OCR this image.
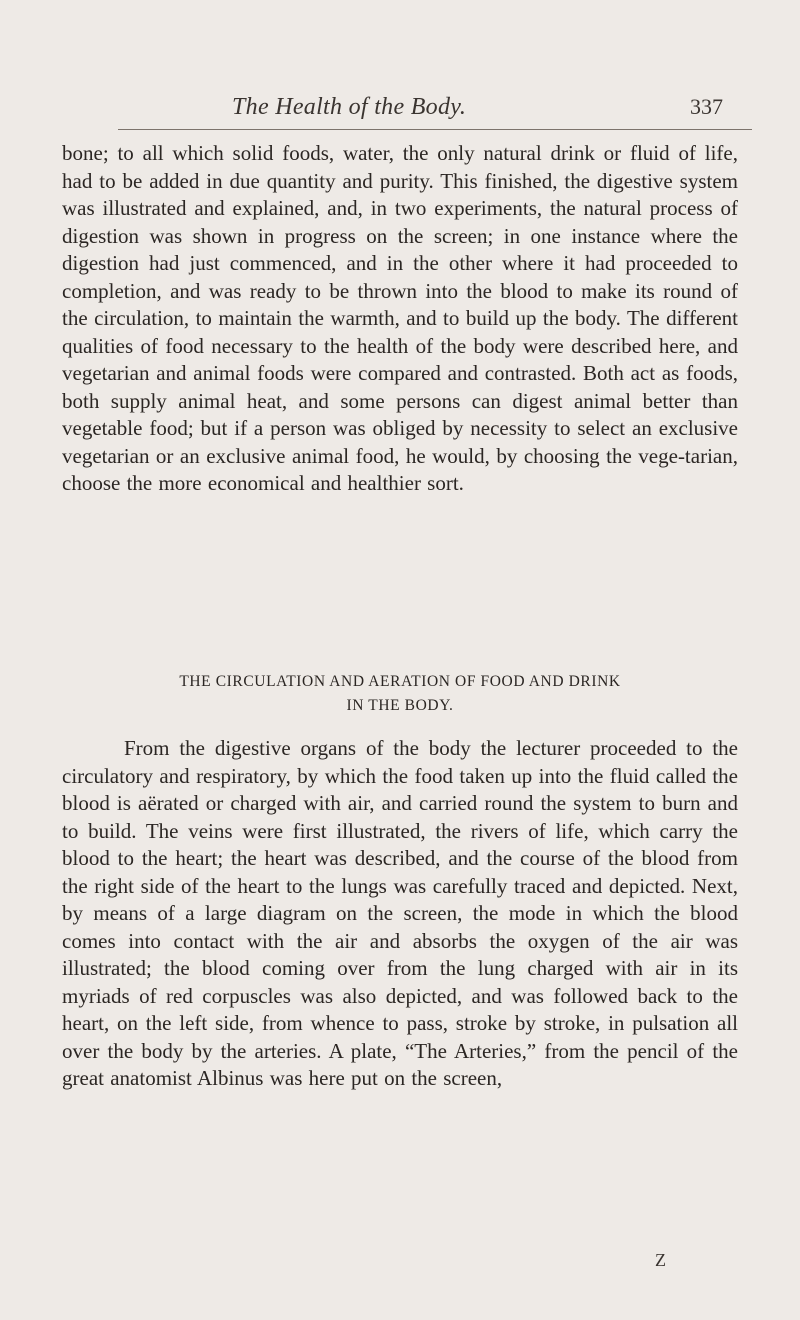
The Health of the Body.	337

bone; to all which solid foods, water, the only natural drink or fluid of life, had to be added in due quantity and purity. This finished, the digestive system was illustrated and explained, and, in two experiments, the natural process of digestion was shown in progress on the screen; in one instance where the digestion had just commenced, and in the other where it had proceeded to completion, and was ready to be thrown into the blood to make its round of the circulation, to maintain the warmth, and to build up the body. The different qualities of food necessary to the health of the body were described here, and vegetarian and animal foods were compared and contrasted. Both act as foods, both supply animal heat, and some persons can digest animal better than vegetable food; but if a person was obliged by necessity to select an exclusive vegetarian or an exclusive animal food, he would, by choosing the vege-tarian, choose the more economical and healthier sort.

THE CIRCULATION AND AERATION OF FOOD AND DRINK
IN THE BODY.

From the digestive organs of the body the lecturer proceeded to the circulatory and respiratory, by which the food taken up into the fluid called the blood is aërated or charged with air, and carried round the system to burn and to build. The veins were first illustrated, the rivers of life, which carry the blood to the heart; the heart was described, and the course of the blood from the right side of the heart to the lungs was carefully traced and depicted. Next, by means of a large diagram on the screen, the mode in which the blood comes into contact with the air and absorbs the oxygen of the air was illustrated; the blood coming over from the lung charged with air in its myriads of red corpuscles was also depicted, and was followed back to the heart, on the left side, from whence to pass, stroke by stroke, in pulsation all over the body by the arteries. A plate, “The Arteries,” from the pencil of the great anatomist Albinus was here put on the screen,

Z
